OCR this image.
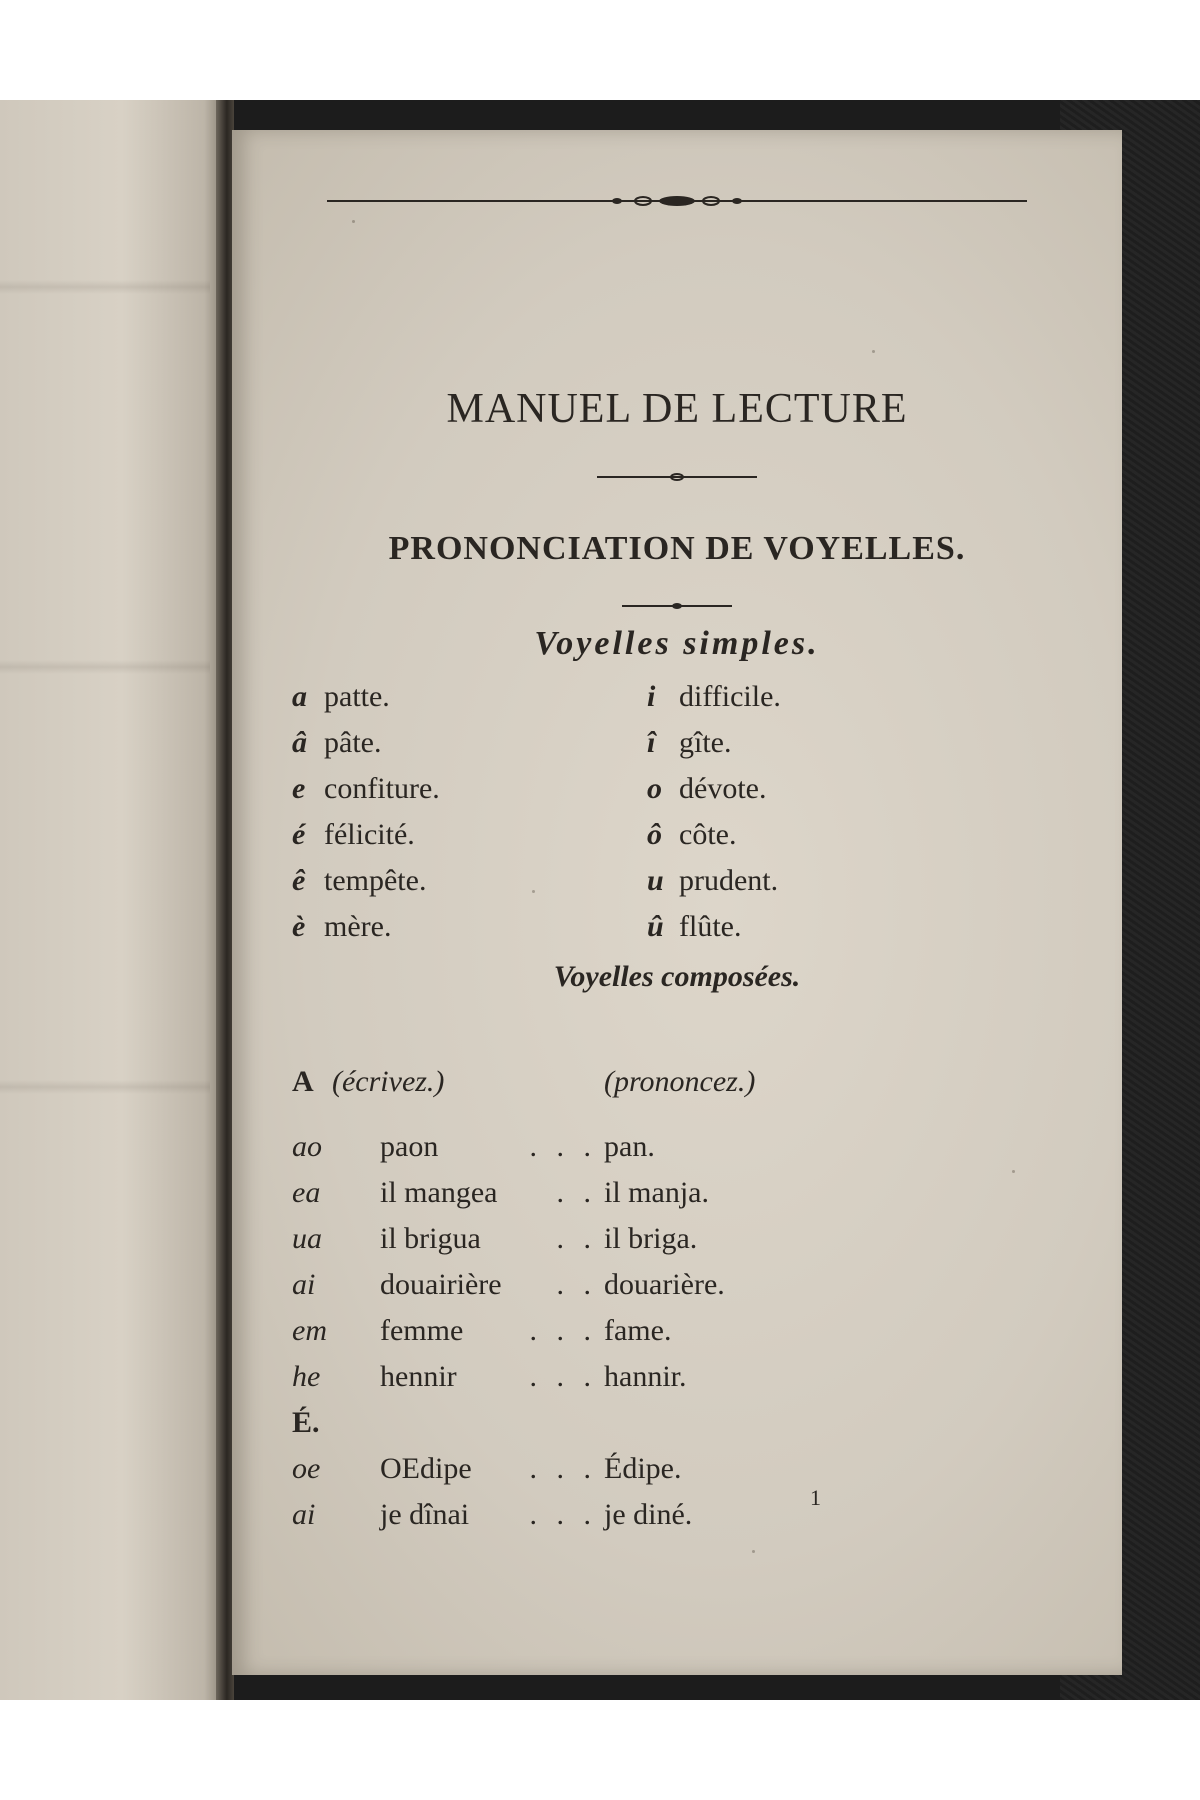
MANUEL DE LECTURE
PRONONCIATION DE VOYELLES.
Voyelles simples.
a patte.	i difficile.
â pâte.	î gîte.
e confiture.	o dévote.
é félicité.	ô côte.
ê tempête.	u prudent.
è mère.	û flûte.
Voyelles composées.
A (écrivez.)	(prononcez.)
ao paon	. . . pan.
ea il mangea	. . il manja.
ua il brigua	. . il briga.
ai douairière	. . douarière.
em femme	. . . fame.
he hennir	. . . hannir.
É.
oe OEdipe	. . . Édipe.
ai je dînai	. . . je diné.
1
